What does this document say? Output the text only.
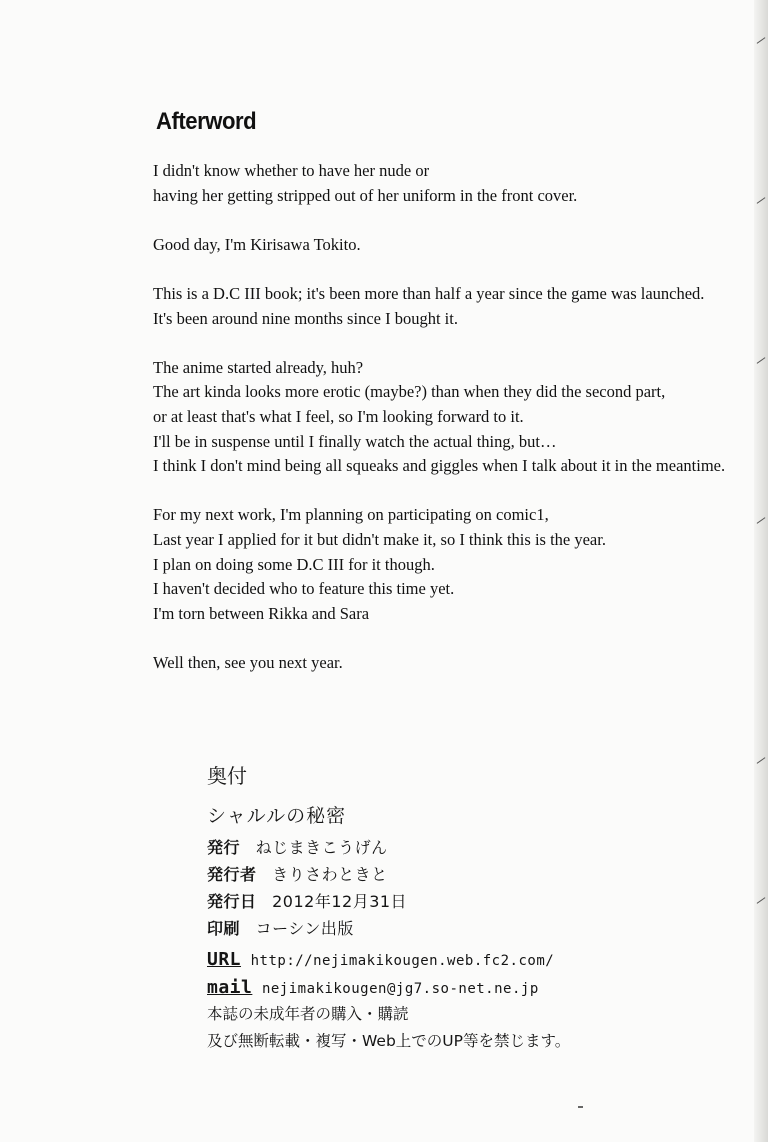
Afterword
I didn't know whether to have her nude or
having her getting stripped out of her uniform in the front cover.
Good day, I'm Kirisawa Tokito.
This is a D.C III book; it's been more than half a year since the game was launched.
It's been around nine months since I bought it.
The anime started already, huh?
The art kinda looks more erotic (maybe?) than when they did the second part,
or at least that's what I feel, so I'm looking forward to it.
I'll be in suspense until I finally watch the actual thing, but…
I think I don't mind being all squeaks and giggles when I talk about it in the meantime.
For my next work, I'm planning on participating on comic1,
Last year I applied for it but didn't make it, so I think this is the year.
I plan on doing some D.C III for it though.
I haven't decided who to feature this time yet.
I'm torn between Rikka and Sara
Well then, see you next year.
奥付
シャルルの秘密
発行 ねじまきこうげん
発行者 きりさわときと
発行日 2012年12月31日
印刷 コーシン出版
URL http://nejimakikougen.web.fc2.com/
mail nejimakikougen@jg7.so-net.ne.jp
本誌の未成年者の購入・購読
及び無断転載・複写・Web上でのUP等を禁じます。
